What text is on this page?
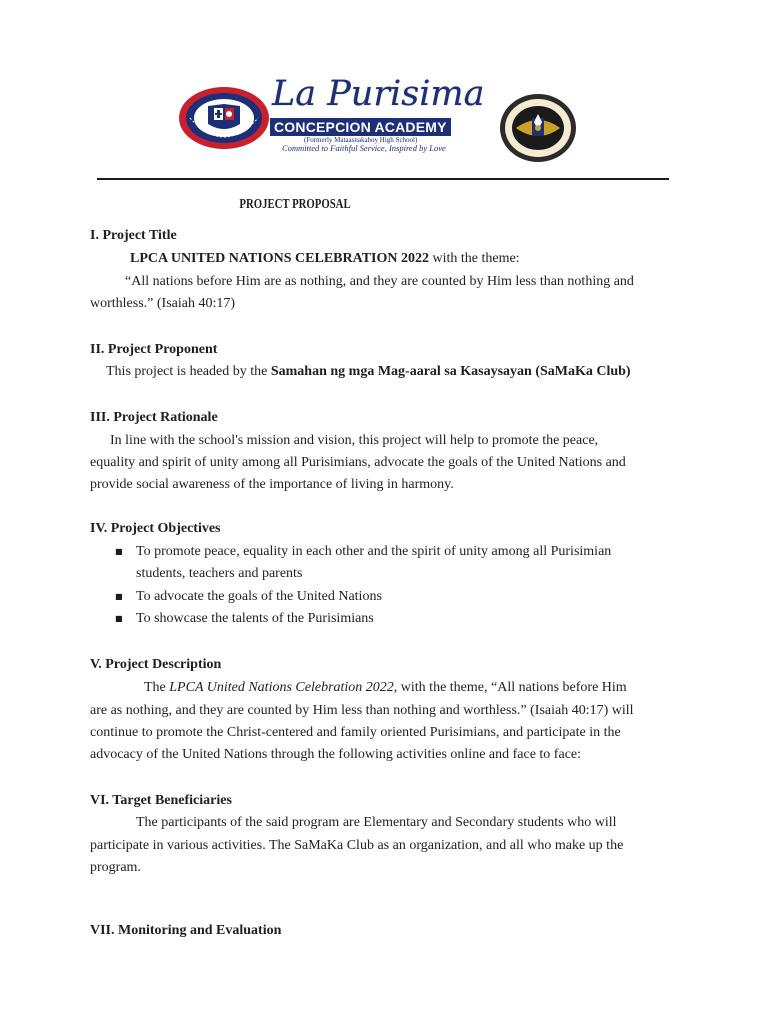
La Purisima
CONCEPCION ACADEMY
(Formerly Mataasnakahoy High School)
Committed to Faithful Service, Inspired by Love
PROJECT PROPOSAL
I. Project Title
LPCA UNITED NATIONS CELEBRATION 2022 with the theme:
“All nations before Him are as nothing, and they are counted by Him less than nothing and
worthless.” (Isaiah 40:17)
II. Project Proponent
This project is headed by the Samahan ng mga Mag-aaral sa Kasaysayan (SaMaKa Club)
III. Project Rationale
In line with the school's mission and vision, this project will help to promote the peace,
equality and spirit of unity among all Purisimians, advocate the goals of the United Nations and
provide social awareness of the importance of living in harmony.
IV. Project Objectives
■ To promote peace, equality in each other and the spirit of unity among all Purisimian
students, teachers and parents
■ To advocate the goals of the United Nations
■ To showcase the talents of the Purisimians
V. Project Description
The LPCA United Nations Celebration 2022, with the theme, “All nations before Him
are as nothing, and they are counted by Him less than nothing and worthless.” (Isaiah 40:17) will
continue to promote the Christ-centered and family oriented Purisimians, and participate in the
advocacy of the United Nations through the following activities online and face to face:
VI. Target Beneficiaries
The participants of the said program are Elementary and Secondary students who will
participate in various activities. The SaMaKa Club as an organization, and all who make up the
program.
VII. Monitoring and Evaluation
